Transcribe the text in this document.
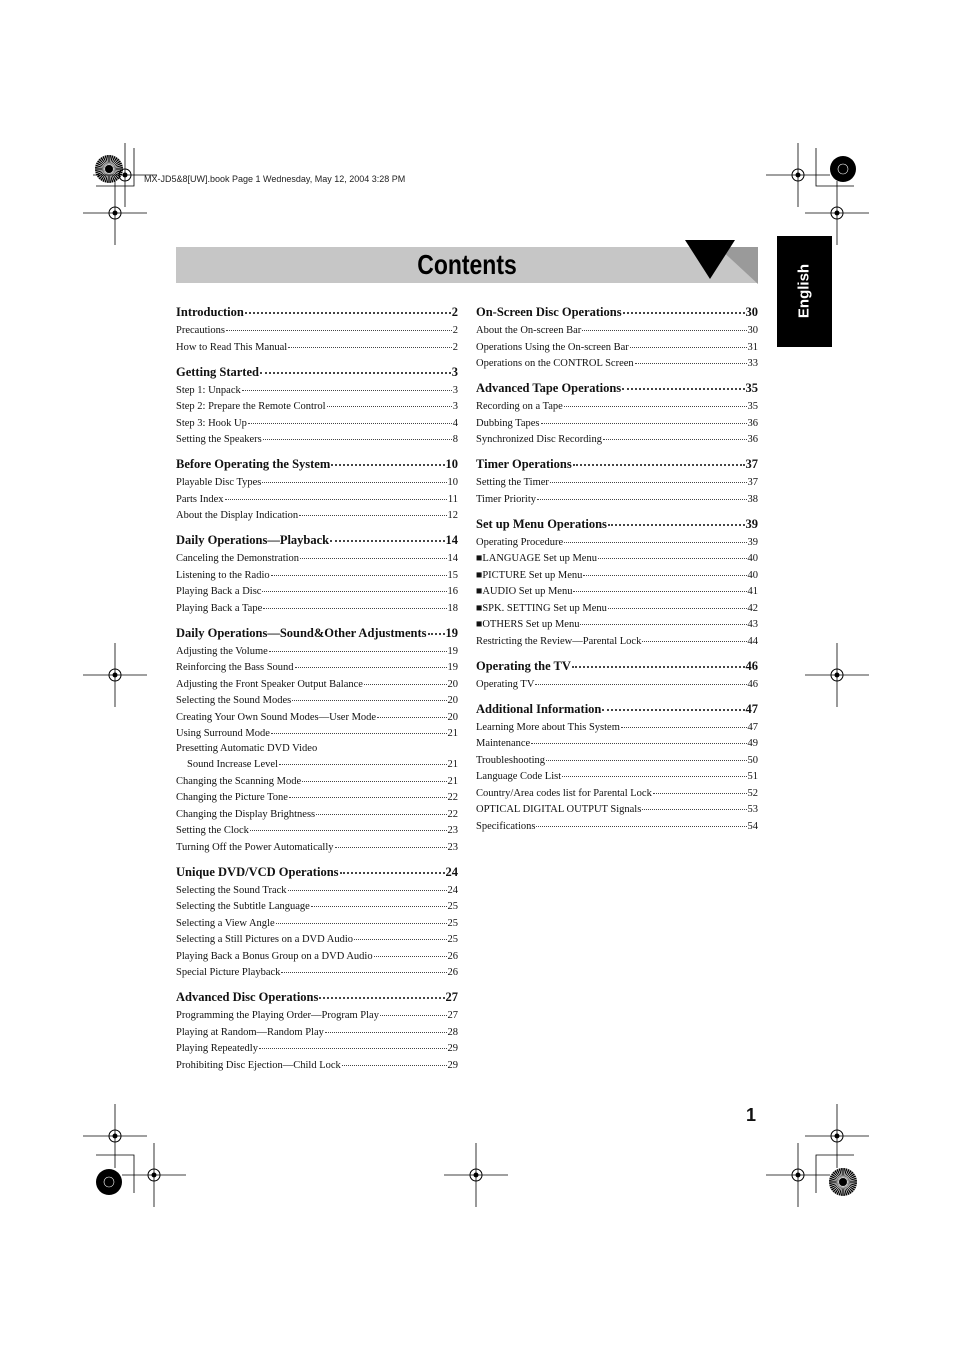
MX-JD5&8[UW].book Page 1 Wednesday, May 12, 2004 3:28 PM
Contents	English
Introduction	2
Precautions	2
How to Read This Manual	2
Getting Started	3
Step 1: Unpack	3
Step 2: Prepare the Remote Control	3
Step 3: Hook Up	4
Setting the Speakers	8
Before Operating the System	10
Playable Disc Types	10
Parts Index	11
About the Display Indication	12
Daily Operations—Playback	14
Canceling the Demonstration	14
Listening to the Radio	15
Playing Back a Disc	16
Playing Back a Tape	18
Daily Operations—Sound&Other Adjustments 19
Adjusting the Volume	19
Reinforcing the Bass Sound	19
Adjusting the Front Speaker Output Balance	20
Selecting the Sound Modes	20
Creating Your Own Sound Modes—User Mode	20
Using Surround Mode	21
Presetting Automatic DVD Video
Sound Increase Level	21
Changing the Scanning Mode	21
Changing the Picture Tone	22
Changing the Display Brightness	22
Setting the Clock	23
Turning Off the Power Automatically	23
Unique DVD/VCD Operations	24
Selecting the Sound Track	24
Selecting the Subtitle Language	25
Selecting a View Angle	25
Selecting a Still Pictures on a DVD Audio	25
Playing Back a Bonus Group on a DVD Audio	26
Special Picture Playback	26
Advanced Disc Operations	27
Programming the Playing Order—Program Play	27
Playing at Random—Random Play	28
Playing Repeatedly	29
Prohibiting Disc Ejection—Child Lock	29
On-Screen Disc Operations	30
About the On-screen Bar	30
Operations Using the On-screen Bar	31
Operations on the CONTROL Screen	33
Advanced Tape Operations	35
Recording on a Tape	35
Dubbing Tapes	36
Synchronized Disc Recording	36
Timer Operations	37
Setting the Timer	37
Timer Priority	38
Set up Menu Operations	39
Operating Procedure	39
■LANGUAGE Set up Menu	40
■PICTURE Set up Menu	40
■AUDIO Set up Menu	41
■SPK. SETTING Set up Menu	42
■OTHERS Set up Menu	43
Restricting the Review—Parental Lock	44
Operating the TV	46
Operating TV	46
Additional Information	47
Learning More about This System	47
Maintenance	49
Troubleshooting	50
Language Code List	51
Country/Area codes list for Parental Lock	52
OPTICAL DIGITAL OUTPUT Signals	53
Specifications	54
1
